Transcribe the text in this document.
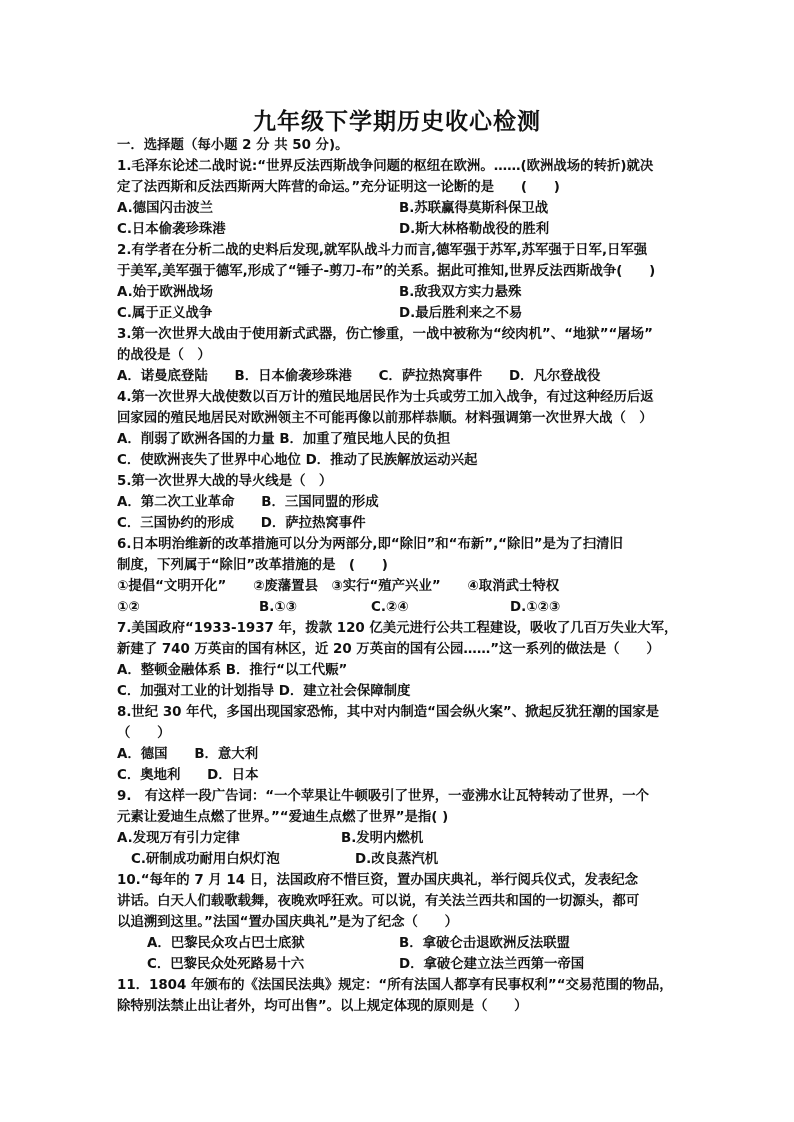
九年级下学期历史收心检测
一．选择题（每小题 2 分 共 50 分)。
1.毛泽东论述二战时说:“世界反法西斯战争问题的枢纽在欧洲。……(欧洲战场的转折)就决
定了法西斯和反法西斯两大阵营的命运。”充分证明这一论断的是　　(　　)
A.德国闪击波兰	B.苏联赢得莫斯科保卫战
C.日本偷袭珍珠港	D.斯大林格勒战役的胜利
2.有学者在分析二战的史料后发现,就军队战斗力而言,德军强于苏军,苏军强于日军,日军强
于美军,美军强于德军,形成了“锤子-剪刀-布”的关系。据此可推知,世界反法西斯战争(　　)
A.始于欧洲战场	B.敌我双方实力悬殊
C.属于正义战争	D.最后胜利来之不易
3.第一次世界大战由于使用新式武器，伤亡惨重，一战中被称为“绞肉机”、“地狱”“屠场”
的战役是（　）
A．诺曼底登陆　　B．日本偷袭珍珠港　　C．萨拉热窝事件　　D．凡尔登战役
4.第一次世界大战使数以百万计的殖民地居民作为士兵或劳工加入战争，有过这种经历后返
回家园的殖民地居民对欧洲领主不可能再像以前那样恭顺。材料强调第一次世界大战（　）
A．削弱了欧洲各国的力量 B．加重了殖民地人民的负担
C．使欧洲丧失了世界中心地位 D．推动了民族解放运动兴起
5.第一次世界大战的导火线是（　）
A．第二次工业革命　　B．三国同盟的形成
C．三国协约的形成　　D．萨拉热窝事件
6.日本明治维新的改革措施可以分为两部分,即“除旧”和“布新”,“除旧”是为了扫清旧
制度，下列属于“除旧”改革措施的是　(　　)
①提倡“文明开化”　　②废藩置县　③实行“殖产兴业”　　④取消武士特权
①②	B.①③	C.②④	D.①②③
7.美国政府“1933-1937 年，拨款 120 亿美元进行公共工程建设，吸收了几百万失业大军，
新建了 740 万英亩的国有林区，近 20 万英亩的国有公园……”这一系列的做法是（　　）
A．整顿金融体系 B．推行“以工代赈”
C．加强对工业的计划指导 D．建立社会保障制度
8.世纪 30 年代，多国出现国家恐怖，其中对内制造“国会纵火案”、掀起反犹狂潮的国家是
（　　）
A．德国　　B．意大利
C．奥地利　　D．日本
9.　有这样一段广告词：“一个苹果让牛顿吸引了世界，一壶沸水让瓦特转动了世界，一个
元素让爱迪生点燃了世界。”“爱迪生点燃了世界”是指( )
A.发现万有引力定律	B.发明内燃机
C.研制成功耐用白炽灯泡	D.改良蒸汽机
10.“每年的 7 月 14 日，法国政府不惜巨资，置办国庆典礼，举行阅兵仪式，发表纪念
讲话。白天人们载歌载舞，夜晚欢呼狂欢。可以说，有关法兰西共和国的一切源头，都可
以追溯到这里。”法国“置办国庆典礼”是为了纪念（　　）
A．巴黎民众攻占巴士底狱	B．拿破仑击退欧洲反法联盟
C．巴黎民众处死路易十六	D．拿破仑建立法兰西第一帝国
11．1804 年颁布的《法国民法典》规定：“所有法国人都享有民事权利”“交易范围的物品，
除特别法禁止出让者外，均可出售”。以上规定体现的原则是（　　）
